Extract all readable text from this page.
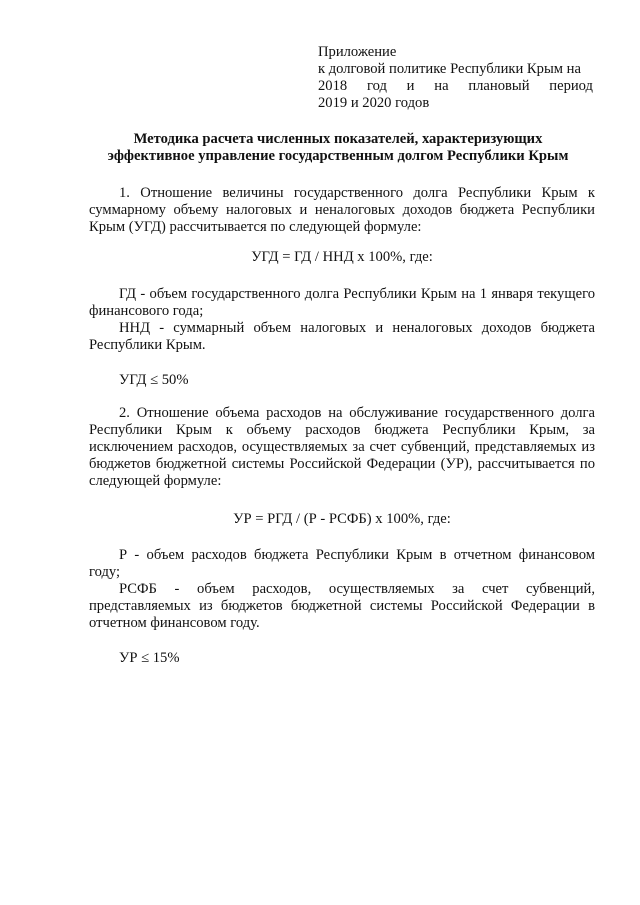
Приложение
к долговой политике Республики Крым на
2018 год и на плановый период
2019 и 2020 годов
Методика расчета численных показателей, характеризующих
эффективное управление государственным долгом Республики Крым

1. Отношение величины государственного долга Республики Крым к суммарному объему налоговых и неналоговых доходов бюджета Республики Крым (УГД) рассчитывается по следующей формуле:

УГД = ГД / ННД х 100%, где:

ГД - объем государственного долга Республики Крым на 1 января текущего финансового года;

ННД - суммарный объем налоговых и неналоговых доходов бюджета Республики Крым.

УГД ≤ 50%

2. Отношение объема расходов на обслуживание государственного долга Республики Крым к объему расходов бюджета Республики Крым, за исключением расходов, осуществляемых за счет субвенций, представляемых из бюджетов бюджетной системы Российской Федерации (УР), рассчитывается по следующей формуле:

УР = РГД / (Р - РСФБ) х 100%, где:

Р - объем расходов бюджета Республики Крым в отчетном финансовом году;

РСФБ - объем расходов, осуществляемых за счет субвенций, представляемых из бюджетов бюджетной системы Российской Федерации в отчетном финансовом году.

УР ≤ 15%
